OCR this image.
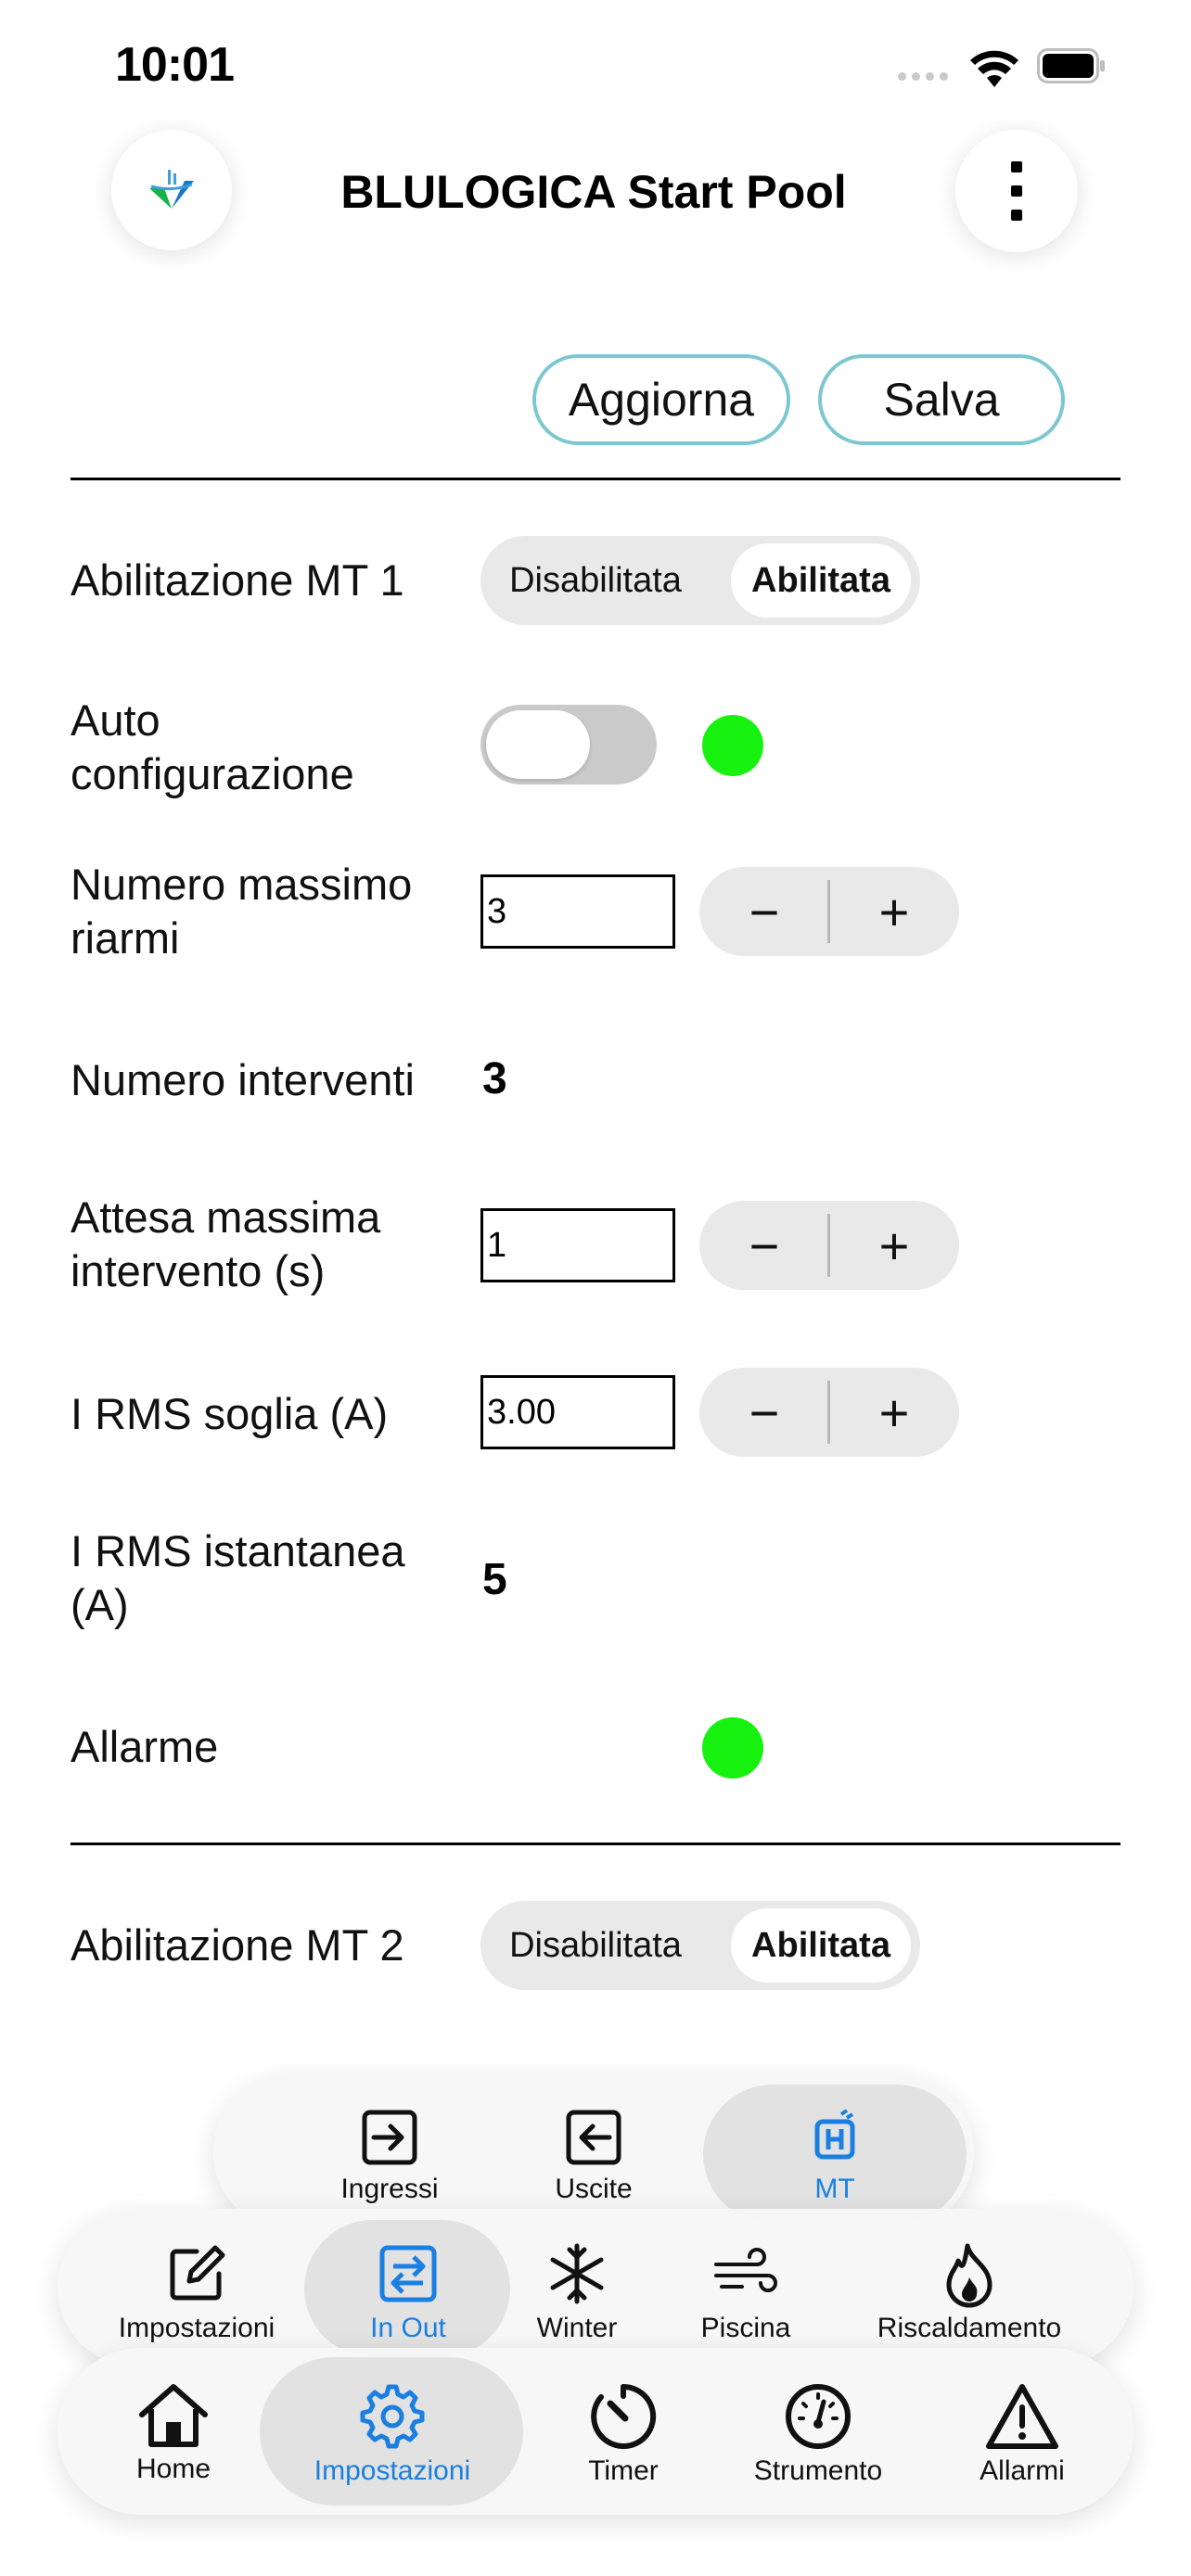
10:01
BLULOGICA Start Pool
Aggiorna	Salva
Abilitazione MT 1	Disabilitata	Abilitata
Auto
configurazione
Numero massimo
riarmi
3	−	+
Numero interventi 3
Attesa massima
intervento (s)
1	−	+
I RMS soglia (A)
3.00	−	+
I RMS istantanea
(A)
5
Allarme
Abilitazione MT 2	Disabilitata	Abilitata
Ingressi	Uscite	MT
Impostazioni	In Out	Winter	Piscina	Riscaldamento
Home	Impostazioni	Timer	Strumento	Allarmi
